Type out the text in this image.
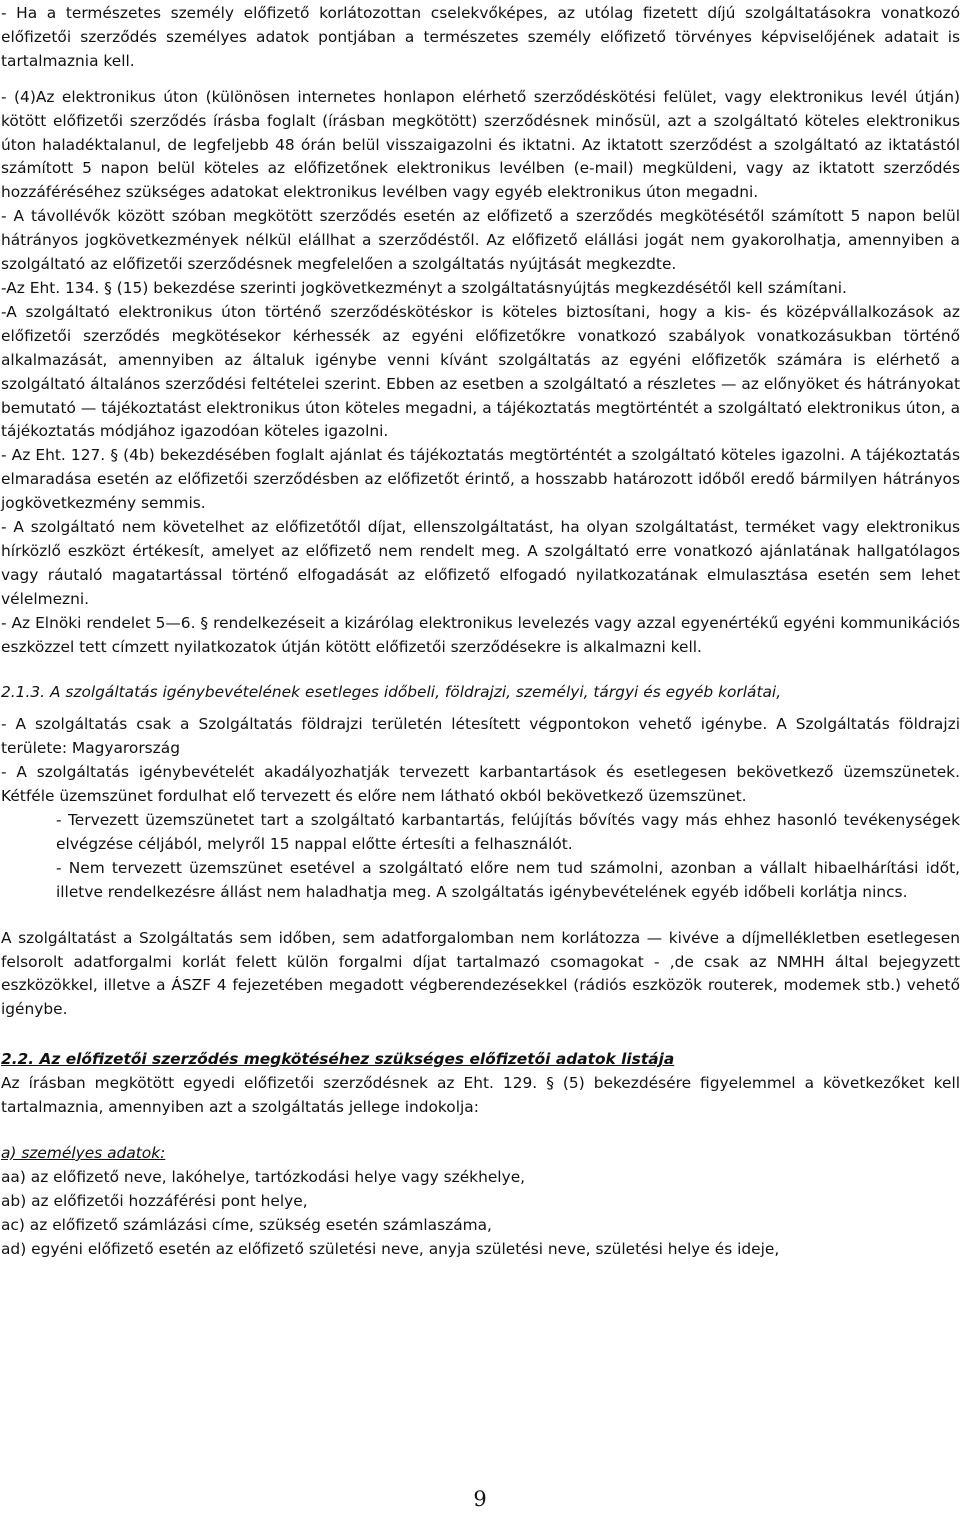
- Ha a természetes személy előfizető korlátozottan cselekvőképes, az utólag fizetett díjú szolgáltatásokra vonatkozó előfizetői szerződés személyes adatok pontjában a természetes személy előfizető törvényes képviselőjének adatait is tartalmaznia kell.

- (4)Az elektronikus úton (különösen internetes honlapon elérhető szerződéskötési felület, vagy elektronikus levél útján) kötött előfizetői szerződés írásba foglalt (írásban megkötött) szerződésnek minősül, azt a szolgáltató köteles elektronikus úton haladéktalanul, de legfeljebb 48 órán belül visszaigazolni és iktatni. Az iktatott szerződést a szolgáltató az iktatástól számított 5 napon belül köteles az előfizetőnek elektronikus levélben (e-mail) megküldeni, vagy az iktatott szerződés hozzáféréséhez szükséges adatokat elektronikus levélben vagy egyéb elektronikus úton megadni.

- A távollévők között szóban megkötött szerződés esetén az előfizető a szerződés megkötésétől számított 5 napon belül hátrányos jogkövetkezmények nélkül elállhat a szerződéstől. Az előfizető elállási jogát nem gyakorolhatja, amennyiben a szolgáltató az előfizetői szerződésnek megfelelően a szolgáltatás nyújtását megkezdte.

-Az Eht. 134. § (15) bekezdése szerinti jogkövetkezményt a szolgáltatásnyújtás megkezdésétől kell számítani.

-A szolgáltató elektronikus úton történő szerződéskötéskor is köteles biztosítani, hogy a kis- és középvállalkozások az előfizetői szerződés megkötésekor kérhessék az egyéni előfizetőkre vonatkozó szabályok vonatkozásukban történő alkalmazását, amennyiben az általuk igénybe venni kívánt szolgáltatás az egyéni előfizetők számára is elérhető a szolgáltató általános szerződési feltételei szerint. Ebben az esetben a szolgáltató a részletes — az előnyöket és hátrányokat bemutató — tájékoztatást elektronikus úton köteles megadni, a tájékoztatás megtörténtét a szolgáltató elektronikus úton, a tájékoztatás módjához igazodóan köteles igazolni.

- Az Eht. 127. § (4b) bekezdésében foglalt ajánlat és tájékoztatás megtörténtét a szolgáltató köteles igazolni. A tájékoztatás elmaradása esetén az előfizetői szerződésben az előfizetőt érintő, a hosszabb határozott időből eredő bármilyen hátrányos jogkövetkezmény semmis.

- A szolgáltató nem követelhet az előfizetőtől díjat, ellenszolgáltatást, ha olyan szolgáltatást, terméket vagy elektronikus hírközlő eszközt értékesít, amelyet az előfizető nem rendelt meg. A szolgáltató erre vonatkozó ajánlatának hallgatólagos vagy ráutaló magatartással történő elfogadását az előfizető elfogadó nyilatkozatának elmulasztása esetén sem lehet vélelmezni.

- Az Elnöki rendelet 5—6. § rendelkezéseit a kizárólag elektronikus levelezés vagy azzal egyenértékű egyéni kommunikációs eszközzel tett címzett nyilatkozatok útján kötött előfizetői szerződésekre is alkalmazni kell.

2.1.3. A szolgáltatás igénybevételének esetleges időbeli, földrajzi, személyi, tárgyi és egyéb korlátai,

- A szolgáltatás csak a Szolgáltatás földrajzi területén létesített végpontokon vehető igénybe. A Szolgáltatás földrajzi területe: Magyarország

- A szolgáltatás igénybevételét akadályozhatják tervezett karbantartások és esetlegesen bekövetkező üzemszünetek. Kétféle üzemszünet fordulhat elő tervezett és előre nem látható okból bekövetkező üzemszünet.

- Tervezett üzemszünetet tart a szolgáltató karbantartás, felújítás bővítés vagy más ehhez hasonló tevékenységek elvégzése céljából, melyről 15 nappal előtte értesíti a felhasználót.

- Nem tervezett üzemszünet esetével a szolgáltató előre nem tud számolni, azonban a vállalt hibaelhárítási időt, illetve rendelkezésre állást nem haladhatja meg. A szolgáltatás igénybevételének egyéb időbeli korlátja nincs.

A szolgáltatást a Szolgáltatás sem időben, sem adatforgalomban nem korlátozza — kivéve a díjmellékletben esetlegesen felsorolt adatforgalmi korlát felett külön forgalmi díjat tartalmazó csomagokat - ,de csak az NMHH által bejegyzett eszközökkel, illetve a ÁSZF 4 fejezetében megadott végberendezésekkel (rádiós eszközök routerek, modemek stb.) vehető igénybe.

2.2. Az előfizetői szerződés megkötéséhez szükséges előfizetői adatok listája

Az írásban megkötött egyedi előfizetői szerződésnek az Eht. 129. § (5) bekezdésére figyelemmel a következőket kell tartalmaznia, amennyiben azt a szolgáltatás jellege indokolja:

a) személyes adatok:

aa) az előfizető neve, lakóhelye, tartózkodási helye vagy székhelye,

ab) az előfizetői hozzáférési pont helye,

ac) az előfizető számlázási címe, szükség esetén számlaszáma,

ad) egyéni előfizető esetén az előfizető születési neve, anyja születési neve, születési helye és ideje,

9
